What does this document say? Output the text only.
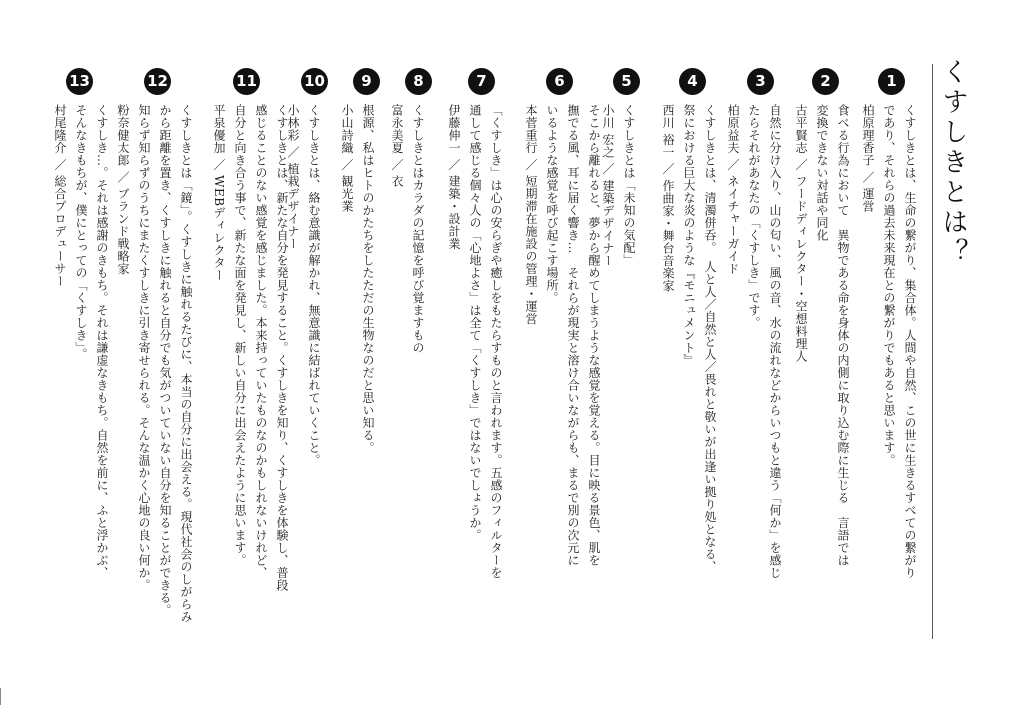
くすしきとは？
1
くすしきとは、生命の繋がり、集合体。人間や自然、この世に生きるすべての繋がり
であり、それらの過去未来現在との繋がりでもあると思います。
柏原理香子 ／ 運営
2
食べる行為において　異物である命を身体の内側に取り込む際に生じる　言語では
変換できない対話や同化
古平賢志 ／ フードディレクター・空想料理人
3
自然に分け入り、山の匂い、風の音、水の流れなどからいつもと違う「何か」を感じ
たらそれがあなたの「くすしき」です。
柏原益夫 ／ ネイチャーガイド
4
くすしきとは、清濁併呑。　人と人／自然と人／畏れと敬いが出逢い拠り処となる、
祭における巨大な炎のような『モニュメント』
西川 裕一 ／ 作曲家・舞台音楽家
5
くすしきとは「未知の気配」
小川 宏之 ／ 建築デザイナー
6
そこから離れると、夢から醒めてしまうような感覚を覚える。目に映る景色、肌を
撫でる風、耳に届く響き…　それらが現実と溶け合いながらも、まるで別の次元に
いるような感覚を呼び起こす場所。
本菅重行 ／ 短期滞在施設の管理・運営
7
「くすしき」は心の安らぎや癒しをもたらすものと言われます。五感のフィルターを
通して感じる個々人の「心地よさ」は全て「くすしき」ではないでしょうか。
伊藤伸一 ／ 建築・設計業
8
くすしきとはカラダの記憶を呼び覚ますもの
富永美夏 ／ 衣
9
根源、私はヒトのかたちをしたただの生物なのだと思い知る。
小山詩織 ／ 観光業
10
くすしきとは、絡む意識が解かれ、無意識に結ばれていくこと。
小林彩 ／ 植栽デザイナー
11
くすしきとは、新たな自分を発見すること。くすしきを知り、くすしきを体験し、普段
感じることのない感覚を感じました。本来持っていたものなのかもしれないけれど、
自分と向き合う事で、新たな面を発見し、新しい自分に出会えたように思います。
平泉優加 ／ WEBディレクター
12
くすしきとは「鏡」。くすしきに触れるたびに、本当の自分に出会える。現代社会のしがらみ
から距離を置き、くすしきに触れると自分でも気がついていない自分を知ることができる。
知らず知らずのうちにまたくすしきに引き寄せられる。そんな温かく心地の良い何か。
粉奈健太郎 ／ ブランド戦略家
13
くすしき…。それは感謝のきもち。それは謙虚なきもち。自然を前に、ふと浮かぶ、
そんなきもちが、僕にとっての「くすしき」。
村尾隆介 ／ 総合プロデューサー
